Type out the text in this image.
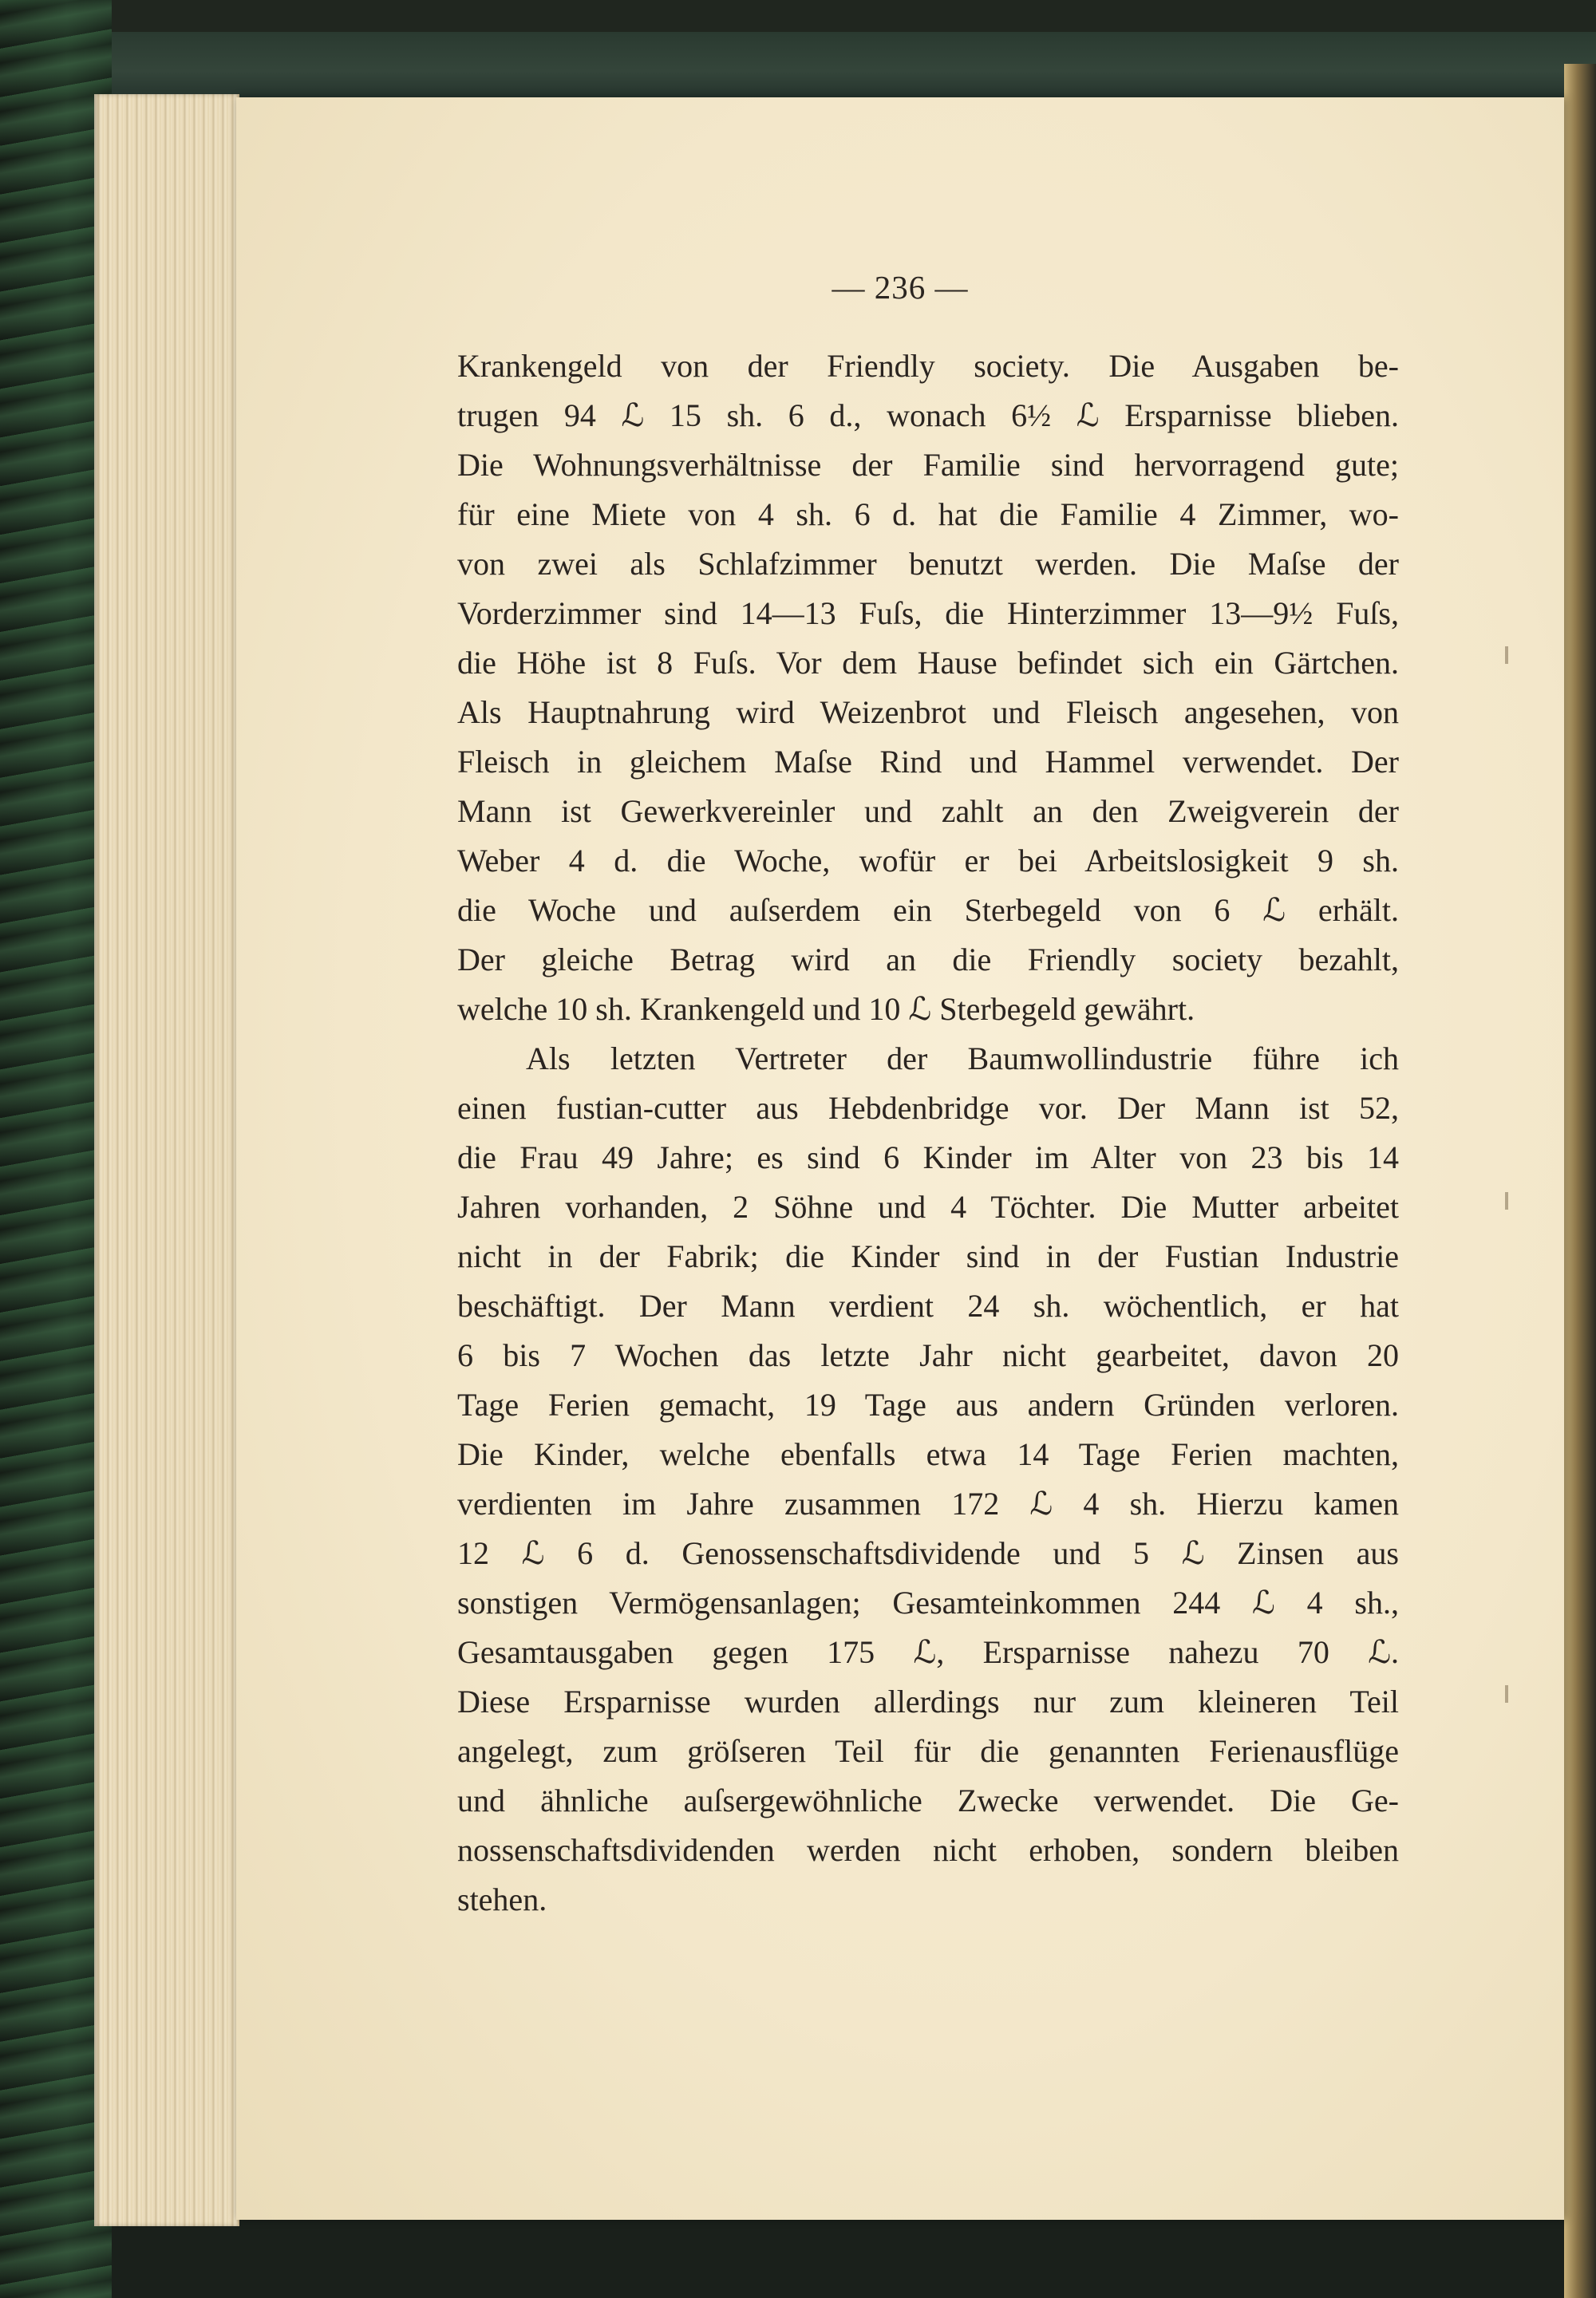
— 236 —

Krankengeld von der Friendly society. Die Ausgaben be-
trugen 94 ℒ 15 sh. 6 d., wonach 6½ ℒ Ersparnisse blieben.
Die Wohnungsverhältnisse der Familie sind hervorragend gute;
für eine Miete von 4 sh. 6 d. hat die Familie 4 Zimmer, wo-
von zwei als Schlafzimmer benutzt werden. Die Maſse der
Vorderzimmer sind 14—13 Fuſs, die Hinterzimmer 13—9½ Fuſs,
die Höhe ist 8 Fuſs. Vor dem Hause befindet sich ein Gärtchen.
Als Hauptnahrung wird Weizenbrot und Fleisch angesehen, von
Fleisch in gleichem Maſse Rind und Hammel verwendet. Der
Mann ist Gewerkvereinler und zahlt an den Zweigverein der
Weber 4 d. die Woche, wofür er bei Arbeitslosigkeit 9 sh.
die Woche und auſserdem ein Sterbegeld von 6 ℒ erhält.
Der gleiche Betrag wird an die Friendly society bezahlt,
welche 10 sh. Krankengeld und 10 ℒ Sterbegeld gewährt.

Als letzten Vertreter der Baumwollindustrie führe ich
einen fustian-cutter aus Hebdenbridge vor. Der Mann ist 52,
die Frau 49 Jahre; es sind 6 Kinder im Alter von 23 bis 14
Jahren vorhanden, 2 Söhne und 4 Töchter. Die Mutter arbeitet
nicht in der Fabrik; die Kinder sind in der Fustian Industrie
beschäftigt. Der Mann verdient 24 sh. wöchentlich, er hat
6 bis 7 Wochen das letzte Jahr nicht gearbeitet, davon 20
Tage Ferien gemacht, 19 Tage aus andern Gründen verloren.
Die Kinder, welche ebenfalls etwa 14 Tage Ferien machten,
verdienten im Jahre zusammen 172 ℒ 4 sh. Hierzu kamen
12 ℒ 6 d. Genossenschaftsdividende und 5 ℒ Zinsen aus
sonstigen Vermögensanlagen; Gesamteinkommen 244 ℒ 4 sh.,
Gesamtausgaben gegen 175 ℒ, Ersparnisse nahezu 70 ℒ.
Diese Ersparnisse wurden allerdings nur zum kleineren Teil
angelegt, zum gröſseren Teil für die genannten Ferienausflüge
und ähnliche auſsergewöhnliche Zwecke verwendet. Die Ge-
nossenschaftsdividenden werden nicht erhoben, sondern bleiben
stehen.
